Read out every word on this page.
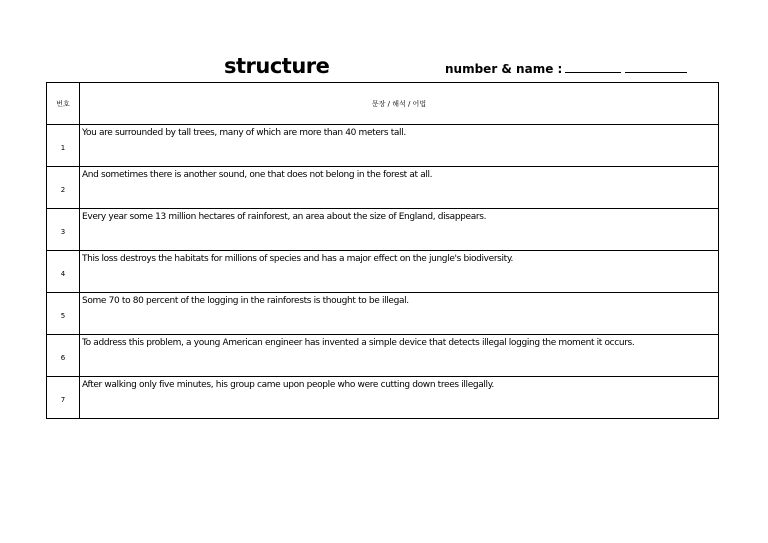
structure	number & name :
번호	문장 / 해석 / 어법
1	You are surrounded by tall trees, many of which are more than 40 meters tall.
2	And sometimes there is another sound, one that does not belong in the forest at all.
3	Every year some 13 million hectares of rainforest, an area about the size of England, disappears.
4	This loss destroys the habitats for millions of species and has a major effect on the jungle's biodiversity.
5	Some 70 to 80 percent of the logging in the rainforests is thought to be illegal.
6	To address this problem, a young American engineer has invented a simple device that detects illegal logging the moment it occurs.
7	After walking only five minutes, his group came upon people who were cutting down trees illegally.
